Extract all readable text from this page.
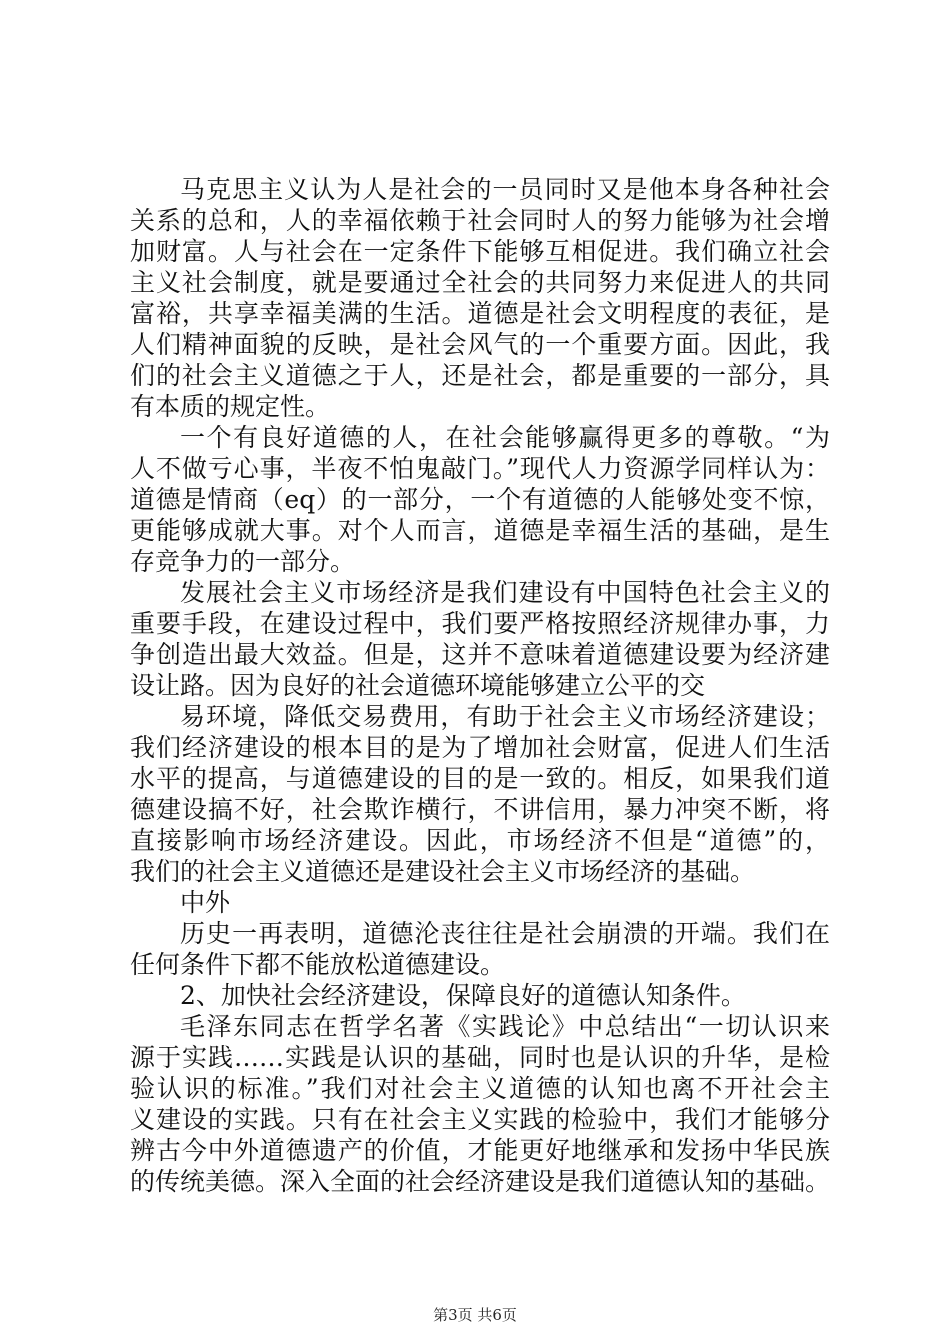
马克思主义认为人是社会的一员同时又是他本身各种社会
关系的总和，人的幸福依赖于社会同时人的努力能够为社会增
加财富。人与社会在一定条件下能够互相促进。我们确立社会
主义社会制度，就是要通过全社会的共同努力来促进人的共同
富裕，共享幸福美满的生活。道德是社会文明程度的表征，是
人们精神面貌的反映，是社会风气的一个重要方面。因此，我
们的社会主义道德之于人，还是社会，都是重要的一部分，具
有本质的规定性。
一个有良好道德的人，在社会能够赢得更多的尊敬。“为
人不做亏心事，半夜不怕鬼敲门。”现代人力资源学同样认为：
道德是情商（eq）的一部分，一个有道德的人能够处变不惊，
更能够成就大事。对个人而言，道德是幸福生活的基础，是生
存竞争力的一部分。
发展社会主义市场经济是我们建设有中国特色社会主义的
重要手段，在建设过程中，我们要严格按照经济规律办事，力
争创造出最大效益。但是，这并不意味着道德建设要为经济建
设让路。因为良好的社会道德环境能够建立公平的交
易环境，降低交易费用，有助于社会主义市场经济建设；
我们经济建设的根本目的是为了增加社会财富，促进人们生活
水平的提高，与道德建设的目的是一致的。相反，如果我们道
德建设搞不好，社会欺诈横行，不讲信用，暴力冲突不断，将
直接影响市场经济建设。因此，市场经济不但是“道德”的，
我们的社会主义道德还是建设社会主义市场经济的基础。
中外
历史一再表明，道德沦丧往往是社会崩溃的开端。我们在
任何条件下都不能放松道德建设。
2、加快社会经济建设，保障良好的道德认知条件。
毛泽东同志在哲学名著《实践论》中总结出“一切认识来
源于实践……实践是认识的基础，同时也是认识的升华，是检
验认识的标准。”我们对社会主义道德的认知也离不开社会主
义建设的实践。只有在社会主义实践的检验中，我们才能够分
辨古今中外道德遗产的价值，才能更好地继承和发扬中华民族
的传统美德。深入全面的社会经济建设是我们道德认知的基础。
第3页 共6页
